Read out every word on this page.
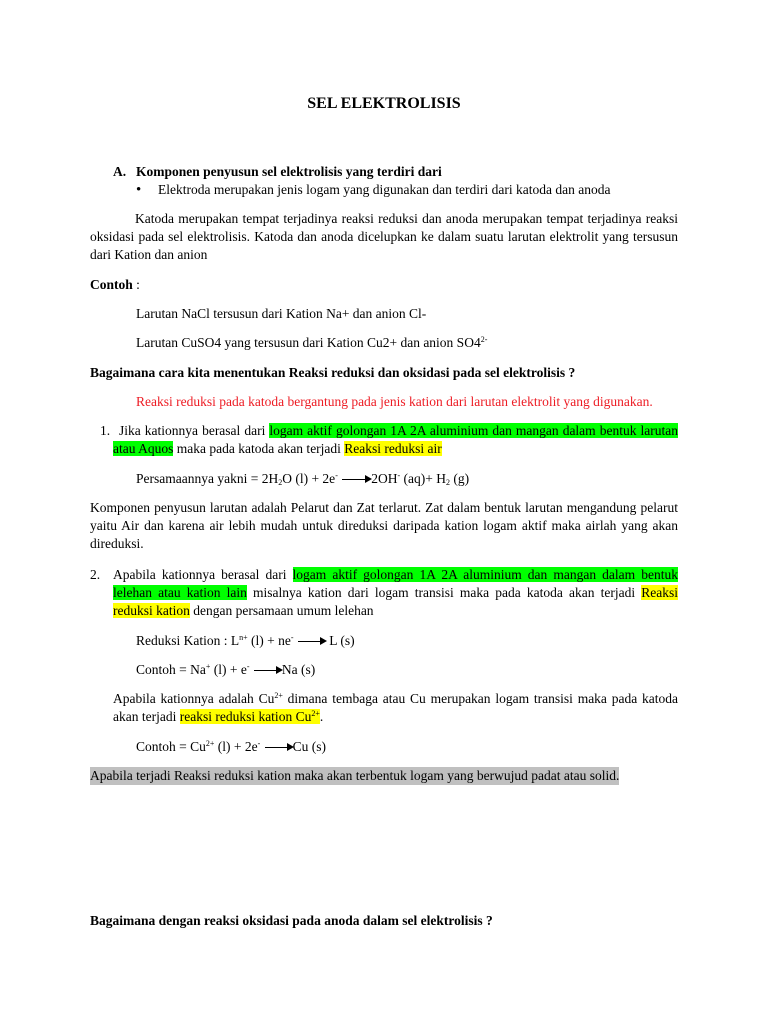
SEL ELEKTROLISIS
A. Komponen penyusun sel elektrolisis yang terdiri dari
• Elektroda merupakan jenis logam yang digunakan dan terdiri dari katoda dan anoda
Katoda merupakan tempat terjadinya reaksi reduksi dan anoda merupakan tempat terjadinya reaksi oksidasi pada sel elektrolisis. Katoda dan anoda dicelupkan ke dalam suatu larutan elektrolit yang tersusun dari Kation dan anion
Contoh :
Larutan NaCl tersusun dari Kation Na+ dan anion Cl-
Larutan CuSO4 yang tersusun dari Kation Cu2+ dan anion $SO4^{2-}$
Bagaimana cara kita menentukan Reaksi reduksi dan oksidasi pada sel elektrolisis ?
Reaksi reduksi pada katoda bergantung pada jenis kation dari larutan elektrolit yang digunakan.
1. Jika kationnya berasal dari logam aktif golongan 1A 2A aluminium dan mangan dalam bentuk larutan atau Aquos maka pada katoda akan terjadi Reaksi reduksi air
Persamaannya yakni = $2H_2O$ (l) + 2e- →2OH- $(aq)+ H_2$ (g)
Komponen penyusun larutan adalah Pelarut dan Zat terlarut. Zat dalam bentuk larutan mengandung pelarut yaitu Air dan karena air lebih mudah untuk direduksi daripada kation logam aktif maka airlah yang akan direduksi.
2. Apabila kationnya berasal dari logam aktif golongan 1A 2A aluminium dan mangan dalam bentuk lelehan atau kation lain misalnya kation dari logam transisi maka pada katoda akan terjadi Reaksi reduksi kation dengan persamaan umum lelehan
Reduksi Kation : $L^{n+}$ (l) + ne- → L (s)
Contoh = Na+ (l) + e- →Na (s)
Apabila kationnya adalah $Cu^{2+}$ dimana tembaga atau Cu merupakan logam transisi maka pada katoda akan terjadi reaksi reduksi kation $Cu^{2+}$.
Contoh = $Cu^{2+}$ (l) + 2e- →Cu (s)
Apabila terjadi Reaksi reduksi kation maka akan terbentuk logam yang berwujud padat atau solid.
Bagaimana dengan reaksi oksidasi pada anoda dalam sel elektrolisis ?
